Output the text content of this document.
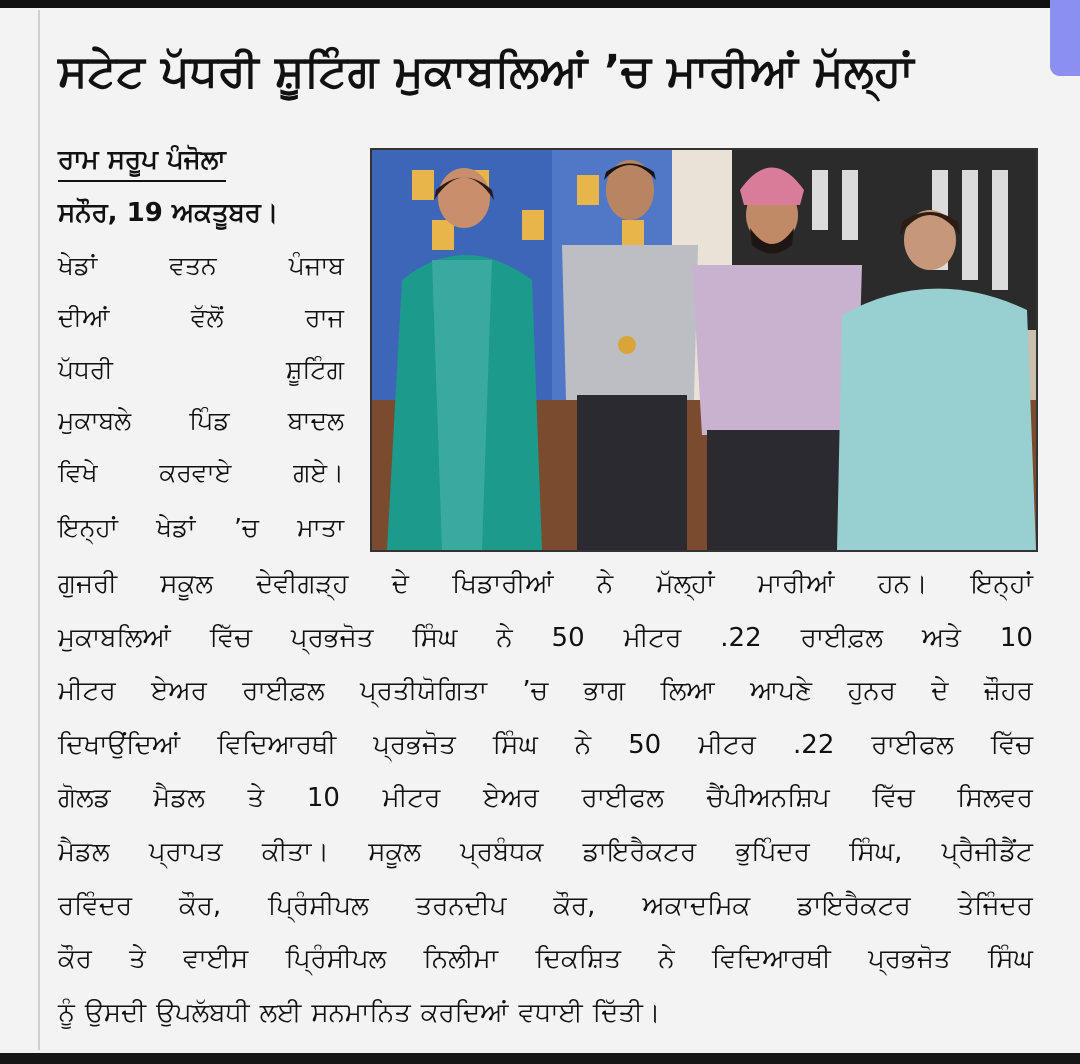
ਸਟੇਟ ਪੱਧਰੀ ਸ਼ੂਟਿੰਗ ਮੁਕਾਬਲਿਆਂ ’ਚ ਮਾਰੀਆਂ ਮੱਲ੍ਹਾਂ
ਰਾਮ ਸਰੂਪ ਪੰਜੋਲਾ
ਸਨੌਰ, 19 ਅਕਤੂਬਰ।
ਖੇਡਾਂ	ਵਤਨ	ਪੰਜਾਬ
ਦੀਆਂ	ਵੱਲੋਂ	ਰਾਜ
ਪੱਧਰੀ	ਸ਼ੂਟਿੰਗ
ਮੁਕਾਬਲੇ ਪਿੰਡ ਬਾਦਲ
ਵਿਖੇ ਕਰਵਾਏ ਗਏ।
ਇਨ੍ਹਾਂ ਖੇਡਾਂ ’ਚ ਮਾਤਾ
ਗੁਜਰੀ ਸਕੂਲ ਦੇਵੀਗੜ੍ਹ ਦੇ ਖਿਡਾਰੀਆਂ ਨੇ ਮੱਲ੍ਹਾਂ ਮਾਰੀਆਂ ਹਨ। ਇਨ੍ਹਾਂ
ਮੁਕਾਬਲਿਆਂ ਵਿੱਚ ਪ੍ਰਭਜੋਤ ਸਿੰਘ ਨੇ 50 ਮੀਟਰ .22 ਰਾਈਫ਼ਲ ਅਤੇ 10
ਮੀਟਰ ਏਅਰ ਰਾਈਫ਼ਲ ਪ੍ਰਤੀਯੋਗਿਤਾ ’ਚ ਭਾਗ ਲਿਆ ਆਪਣੇ ਹੁਨਰ ਦੇ ਜ਼ੌਹਰ
ਦਿਖਾਉਂਦਿਆਂ ਵਿਦਿਆਰਥੀ ਪ੍ਰਭਜੋਤ ਸਿੰਘ ਨੇ 50 ਮੀਟਰ .22 ਰਾਈਫਲ ਵਿੱਚ
ਗੋਲਡ ਮੈਡਲ ਤੇ 10 ਮੀਟਰ ਏਅਰ ਰਾਈਫਲ ਚੈਂਪੀਅਨਸ਼ਿਪ ਵਿੱਚ ਸਿਲਵਰ
ਮੈਡਲ ਪ੍ਰਾਪਤ ਕੀਤਾ। ਸਕੂਲ ਪ੍ਰਬੰਧਕ ਡਾਇਰੈਕਟਰ ਭੁਪਿੰਦਰ ਸਿੰਘ, ਪ੍ਰੈਜੀਡੈਂਟ
ਰਵਿੰਦਰ ਕੌਰ, ਪ੍ਰਿੰਸੀਪਲ ਤਰਨਦੀਪ ਕੌਰ, ਅਕਾਦਮਿਕ ਡਾਇਰੈਕਟਰ ਤੇਜਿੰਦਰ
ਕੌਰ ਤੇ ਵਾਈਸ ਪ੍ਰਿੰਸੀਪਲ ਨਿਲੀਮਾ ਦਿਕਸ਼ਿਤ ਨੇ ਵਿਦਿਆਰਥੀ ਪ੍ਰਭਜੋਤ ਸਿੰਘ
ਨੂੰ ਉਸਦੀ ਉਪਲੱਬਧੀ ਲਈ ਸਨਮਾਨਿਤ ਕਰਦਿਆਂ ਵਧਾਈ ਦਿੱਤੀ।
